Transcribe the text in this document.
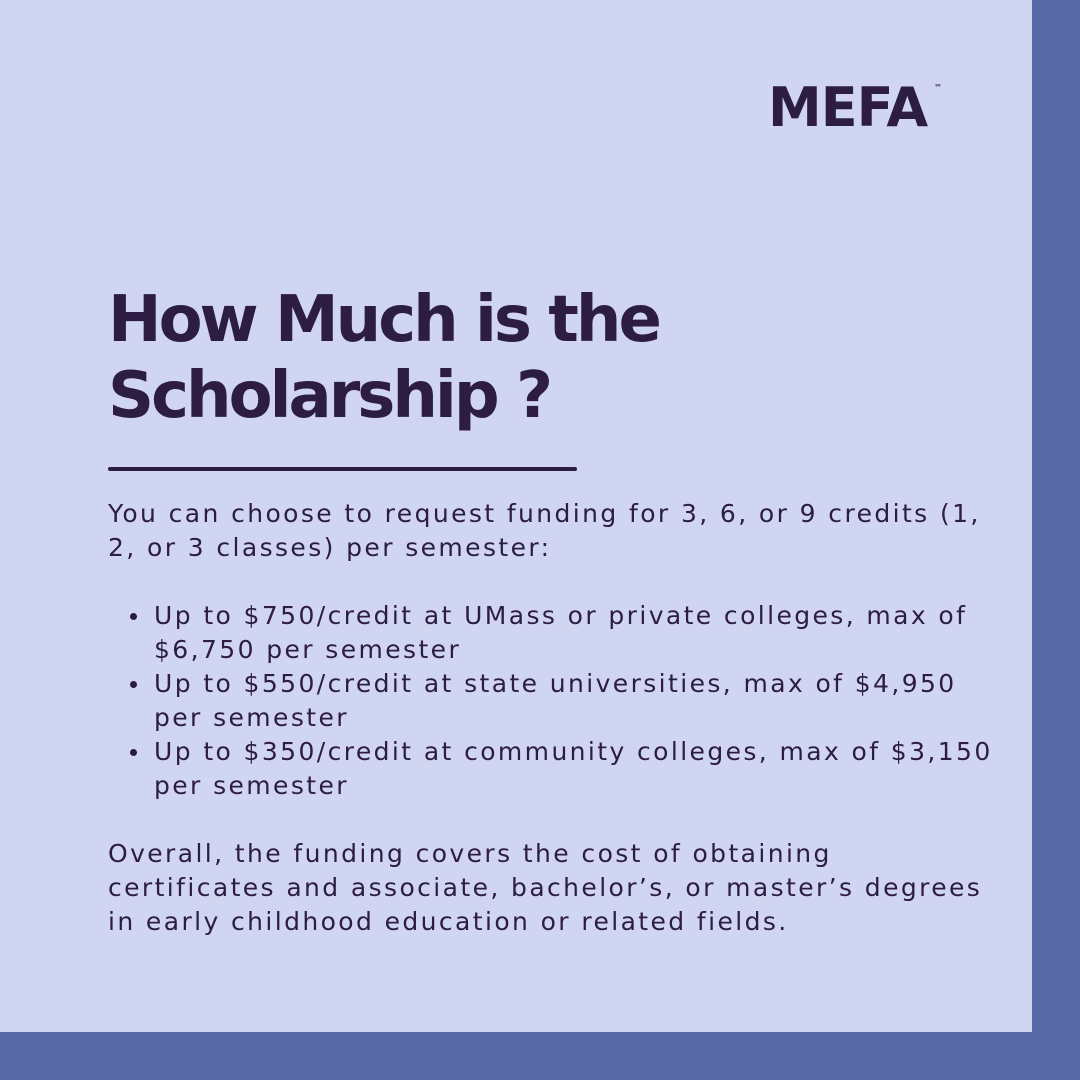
MEFA ™
How Much is the Scholarship ?

You can choose to request funding for 3, 6, or 9 credits (1, 2, or 3 classes) per semester:

Up to $750/credit at UMass or private colleges, max of $6,750 per semester
Up to $550/credit at state universities, max of $4,950 per semester
Up to $350/credit at community colleges, max of $3,150 per semester

Overall, the funding covers the cost of obtaining certificates and associate, bachelor’s, or master’s degrees in early childhood education or related fields.
